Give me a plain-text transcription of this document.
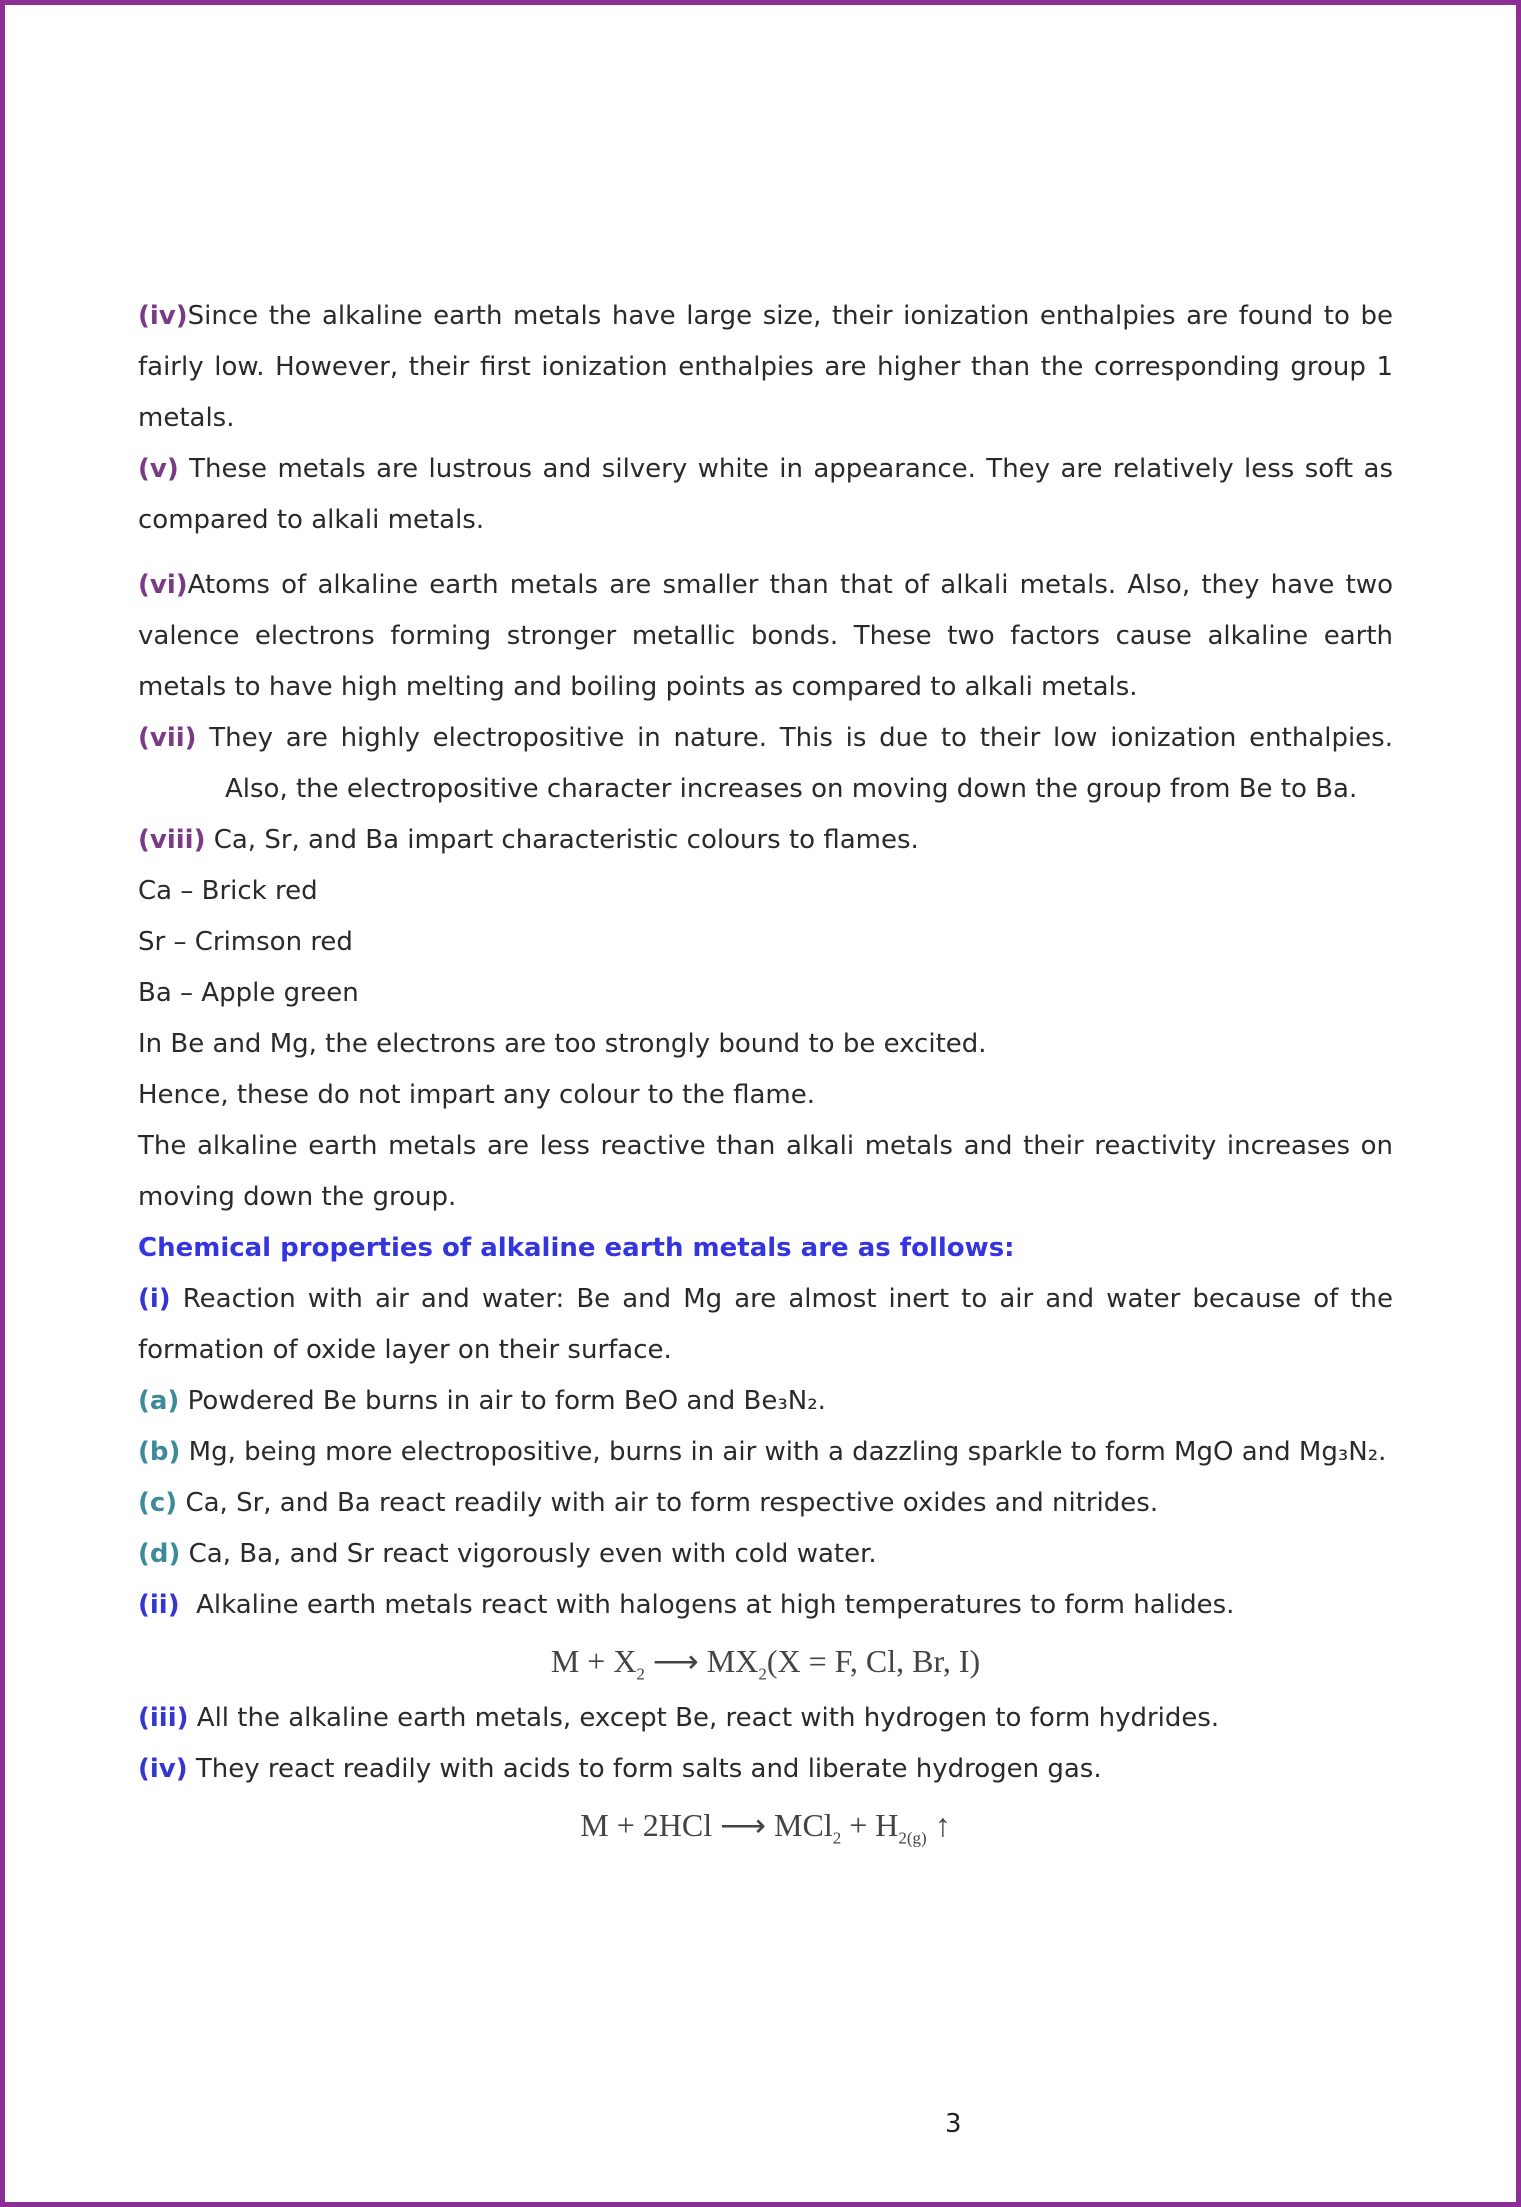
(iv)Since the alkaline earth metals have large size, their ionization enthalpies are found to be fairly low. However, their first ionization enthalpies are higher than the corresponding group 1 metals.

(v) These metals are lustrous and silvery white in appearance. They are relatively less soft as compared to alkali metals.

(vi)Atoms of alkaline earth metals are smaller than that of alkali metals. Also, they have two valence electrons forming stronger metallic bonds. These two factors cause alkaline earth metals to have high melting and boiling points as compared to alkali metals.

(vii) They are highly electropositive in nature. This is due to their low ionization enthalpies. Also, the electropositive character increases on moving down the group from Be to Ba.

(viii) Ca, Sr, and Ba impart characteristic colours to flames.

Ca – Brick red

Sr – Crimson red

Ba – Apple green

In Be and Mg, the electrons are too strongly bound to be excited.

Hence, these do not impart any colour to the flame.

The alkaline earth metals are less reactive than alkali metals and their reactivity increases on moving down the group.

Chemical properties of alkaline earth metals are as follows:

(i) Reaction with air and water: Be and Mg are almost inert to air and water because of the formation of oxide layer on their surface.

(a) Powdered Be burns in air to form BeO and Be₃N₂.

(b) Mg, being more electropositive, burns in air with a dazzling sparkle to form MgO and Mg₃N₂.

(c) Ca, Sr, and Ba react readily with air to form respective oxides and nitrides.

(d) Ca, Ba, and Sr react vigorously even with cold water.

(ii)  Alkaline earth metals react with halogens at high temperatures to form halides.

$M + X_2$ ⟶ $MX_2(X = F$, Cl, Br, I)

(iii) All the alkaline earth metals, except Be, react with hydrogen to form hydrides.

(iv) They react readily with acids to form salts and liberate hydrogen gas.

M + 2HCl ⟶ $MCl_2 + H_{2(g)}$ ↑
3
